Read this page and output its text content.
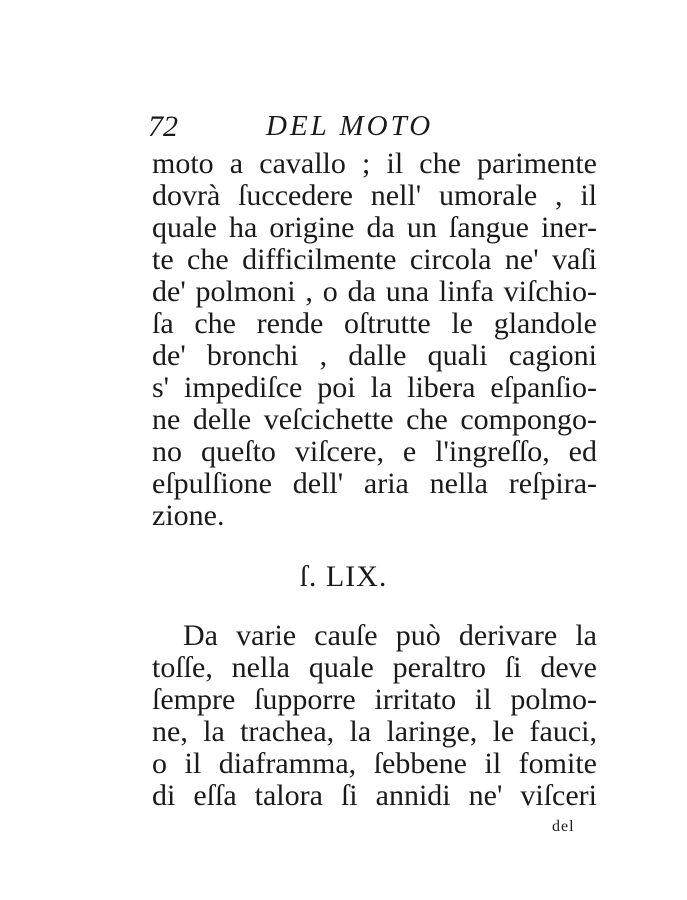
72	DEL MOTO
moto a cavallo ; il che parimente
dovrà ſuccedere nell' umorale , il
quale ha origine da un ſangue iner-
te che difficilmente circola ne' vaſi
de' polmoni , o da una linfa viſchio-
ſa che rende oſtrutte le glandole
de' bronchi , dalle quali cagioni
s' impediſce poi la libera eſpanſio-
ne delle veſcichette che compongo-
no queſto viſcere, e l'ingreſſo, ed
eſpulſione dell' aria nella reſpira-
zione.
ſ. LIX.
Da varie cauſe può derivare la
toſſe, nella quale peraltro ſi deve
ſempre ſupporre irritato il polmo-
ne, la trachea, la laringe, le fauci,
o il diaframma, ſebbene il fomite
di eſſa talora ſi annidi ne' viſceri
del
